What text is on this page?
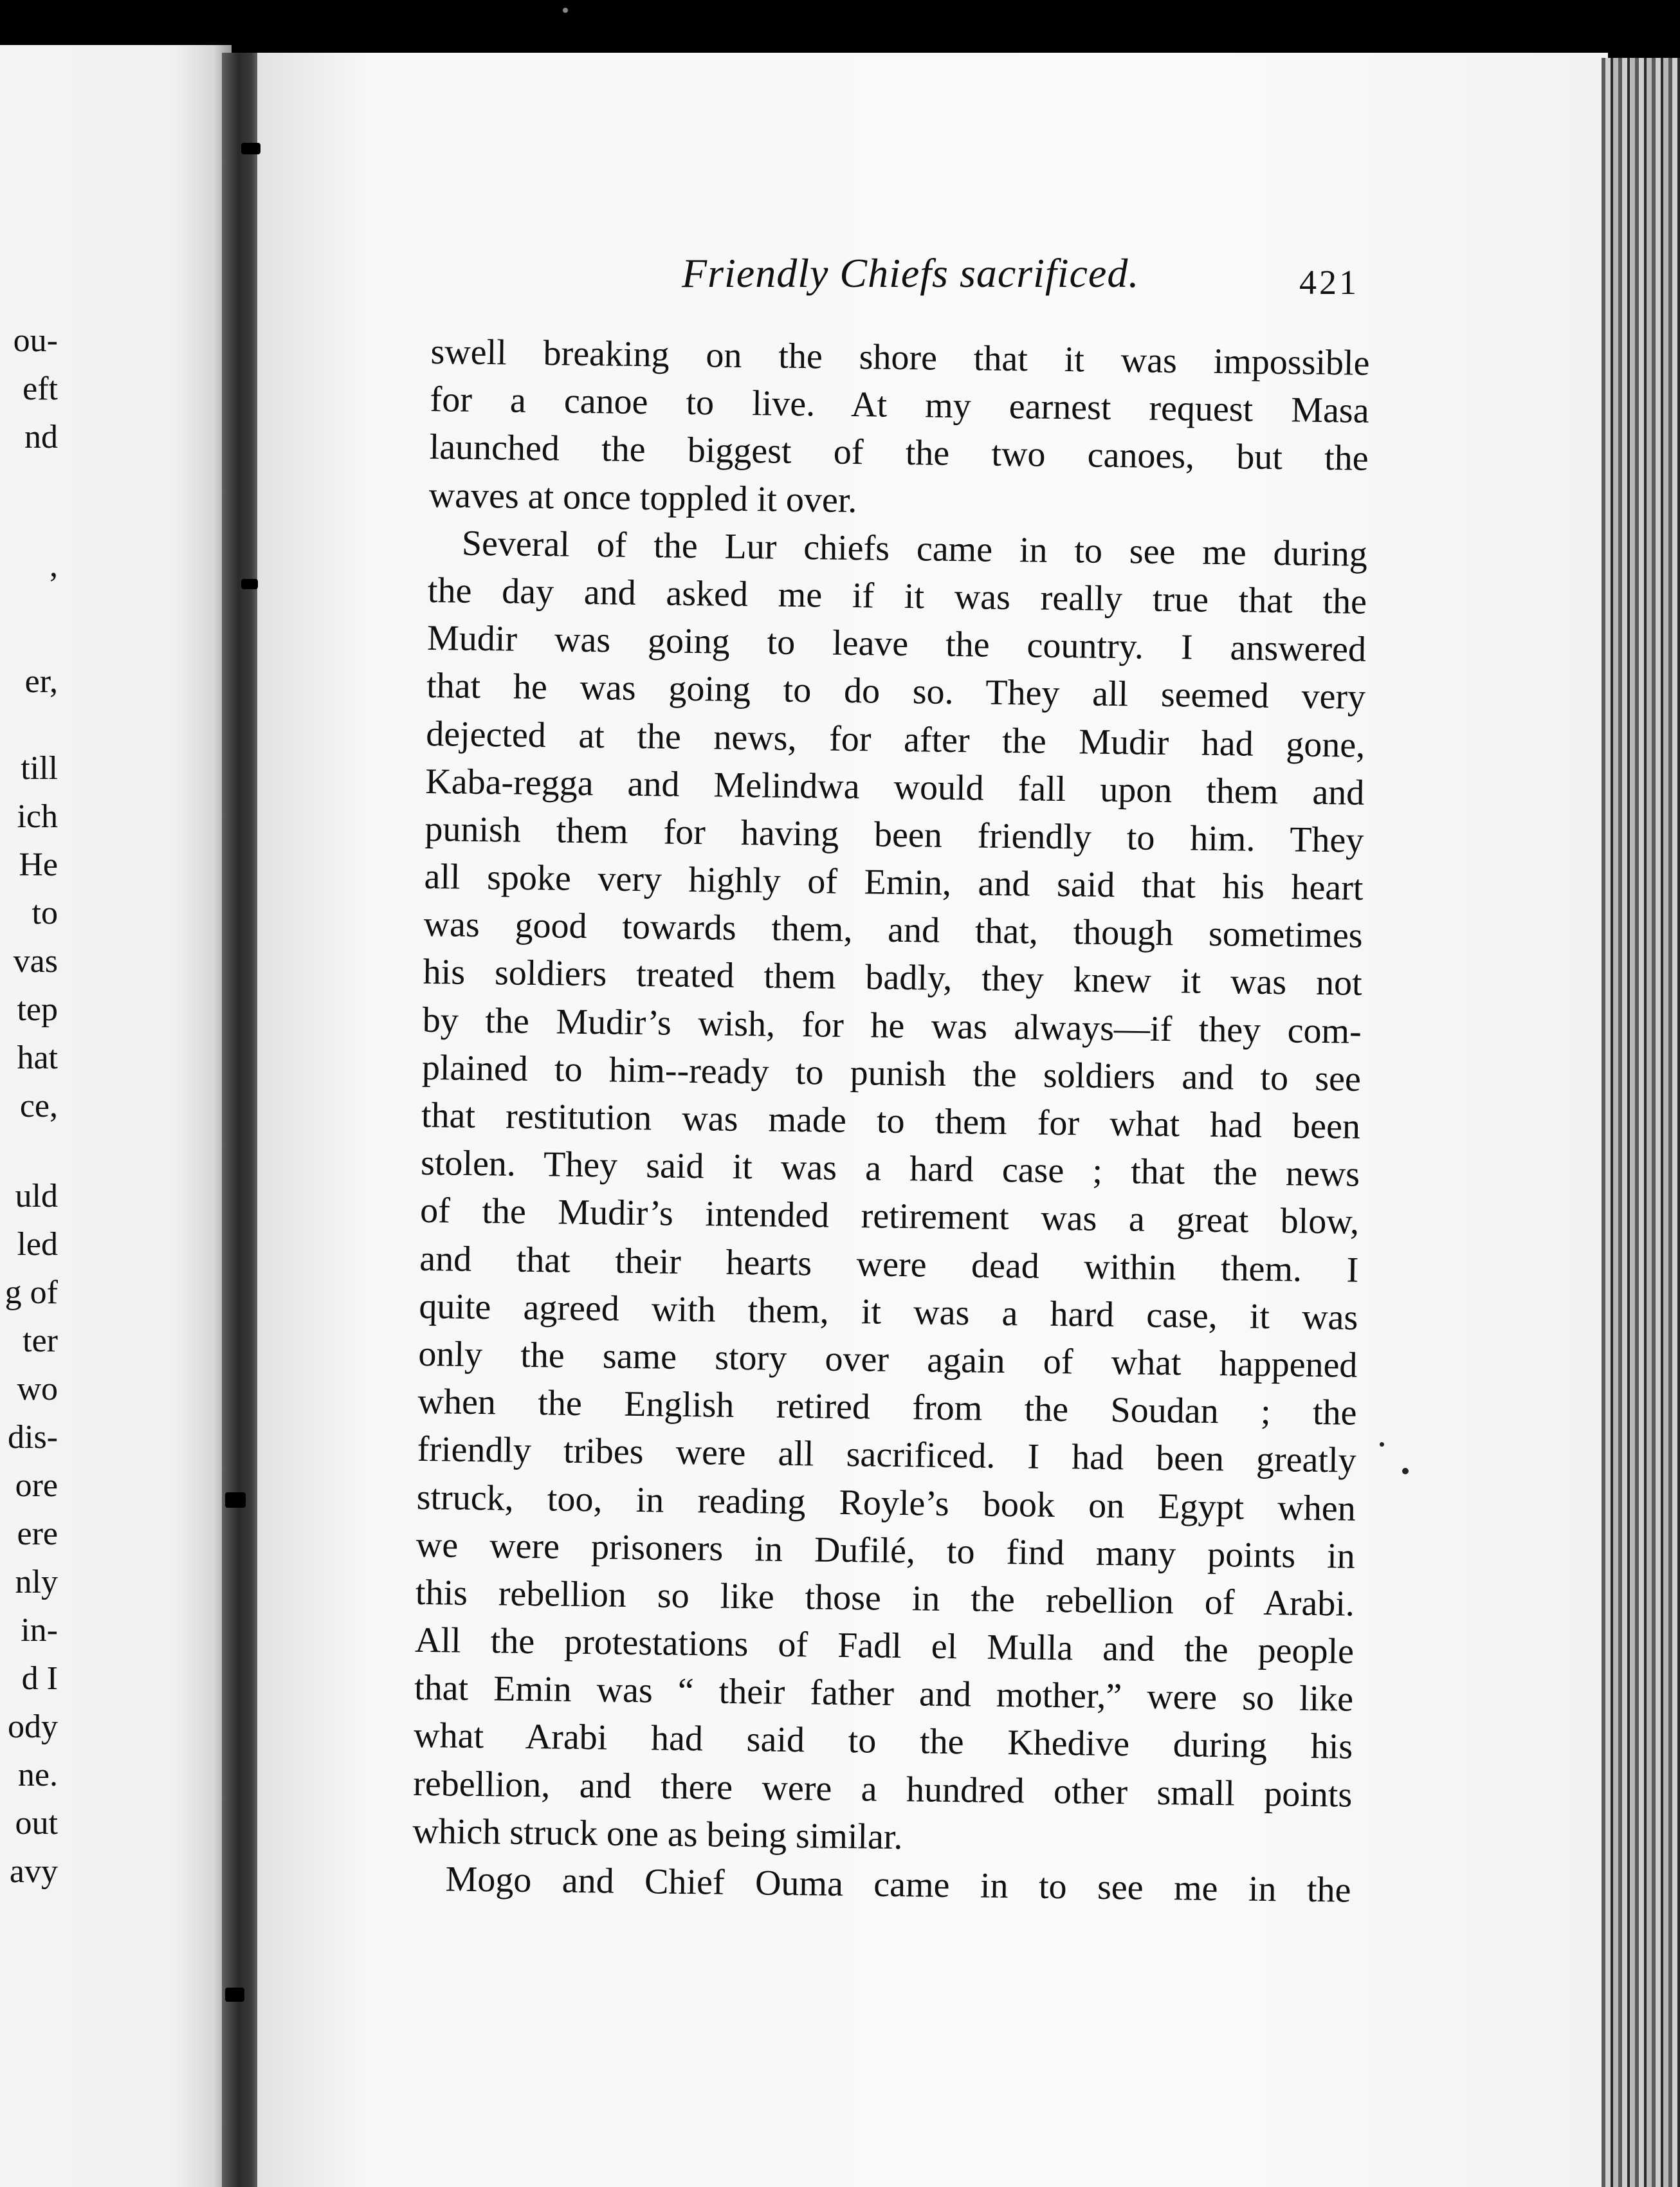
ou-
eft
nd
,
er,
till
ich
He
to
vas
tep
hat
ce,
uld
led
g of
ter
wo
dis-
ore
ere
nly
in-
d I
ody
ne.
out
avy
Friendly Chiefs sacrificed.	421
swell breaking on the shore that it was impossible
for a canoe to live. At my earnest request Masa
launched the biggest of the two canoes, but the
waves at once toppled it over.
Several of the Lur chiefs came in to see me during
the day and asked me if it was really true that the
Mudir was going to leave the country. I answered
that he was going to do so. They all seemed very
dejected at the news, for after the Mudir had gone,
Kaba-regga and Melindwa would fall upon them and
punish them for having been friendly to him. They
all spoke very highly of Emin, and said that his heart
was good towards them, and that, though sometimes
his soldiers treated them badly, they knew it was not
by the Mudir’s wish, for he was always—if they com-
plained to him--ready to punish the soldiers and to see
that restitution was made to them for what had been
stolen. They said it was a hard case ; that the news
of the Mudir’s intended retirement was a great blow,
and that their hearts were dead within them. I
quite agreed with them, it was a hard case, it was
only the same story over again of what happened
when the English retired from the Soudan ; the
friendly tribes were all sacrificed. I had been greatly
struck, too, in reading Royle’s book on Egypt when
we were prisoners in Dufilé, to find many points in
this rebellion so like those in the rebellion of Arabi.
All the protestations of Fadl el Mulla and the people
that Emin was “ their father and mother,” were so like
what Arabi had said to the Khedive during his
rebellion, and there were a hundred other small points
which struck one as being similar.
Mogo and Chief Ouma came in to see me in the
